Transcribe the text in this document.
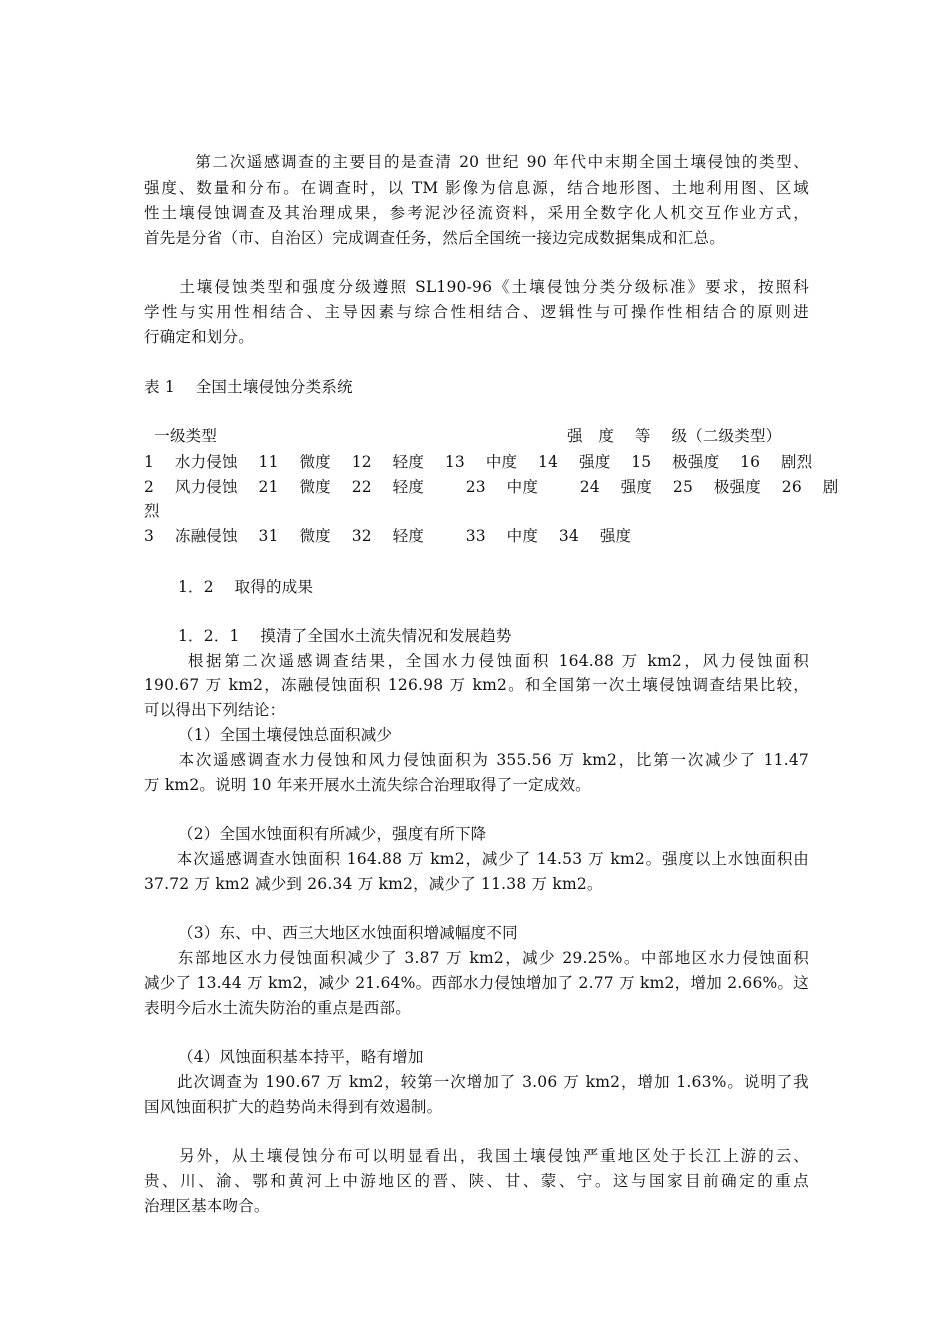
　　　第二次遥感调查的主要目的是查清 20 世纪 90 年代中末期全国土壤侵蚀的类型、
强度、数量和分布。在调查时，以 TM 影像为信息源，结合地形图、土地利用图、区域
性土壤侵蚀调查及其治理成果，参考泥沙径流资料，采用全数字化人机交互作业方式，
首先是分省（市、自治区）完成调查任务，然后全国统一接边完成数据集成和汇总。
　　土壤侵蚀类型和强度分级遵照 SL190-96《土壤侵蚀分类分级标准》要求，按照科
学性与实用性相结合、主导因素与综合性相结合、逻辑性与可操作性相结合的原则进
行确定和划分。
表 1　 全国土壤侵蚀分类系统
一级类型	强　度　 等　 级（二级类型）
1　 水力侵蚀　 11　 微度　 12　 轻度　 13　 中度　 14　 强度　 15　 极强度　 16　 剧烈
2　 风力侵蚀　 21　 微度　 22　 轻度　　  23　 中度　　  24　 强度　 25　 极强度　 26　 剧
烈
3　 冻融侵蚀　 31　 微度　 32　 轻度　　  33　 中度　 34　 强度
1．2　 取得的成果
1．2．1　 摸清了全国水土流失情况和发展趋势
　　 根据第二次遥感调查结果，全国水力侵蚀面积 164.88 万 km2，风力侵蚀面积
190.67 万 km2，冻融侵蚀面积 126.98 万 km2。和全国第一次土壤侵蚀调查结果比较，
可以得出下列结论：
（1）全国土壤侵蚀总面积减少
　　本次遥感调查水力侵蚀和风力侵蚀面积为 355.56 万 km2，比第一次减少了 11.47
万 km2。说明 10 年来开展水土流失综合治理取得了一定成效。
（2）全国水蚀面积有所减少，强度有所下降
　　本次遥感调查水蚀面积 164.88 万 km2，减少了 14.53 万 km2。强度以上水蚀面积由
37.72 万 km2 减少到 26.34 万 km2，减少了 11.38 万 km2。
（3）东、中、西三大地区水蚀面积增减幅度不同
　　东部地区水力侵蚀面积减少了 3.87 万 km2，减少 29.25%。中部地区水力侵蚀面积
减少了 13.44 万 km2，减少 21.64%。西部水力侵蚀增加了 2.77 万 km2，增加 2.66%。这
表明今后水土流失防治的重点是西部。
（4）风蚀面积基本持平，略有增加
　　此次调查为 190.67 万 km2，较第一次增加了 3.06 万 km2，增加 1.63%。说明了我
国风蚀面积扩大的趋势尚未得到有效遏制。
　　另外，从土壤侵蚀分布可以明显看出，我国土壤侵蚀严重地区处于长江上游的云、
贵、川、渝、鄂和黄河上中游地区的晋、陕、甘、蒙、宁。这与国家目前确定的重点
治理区基本吻合。
